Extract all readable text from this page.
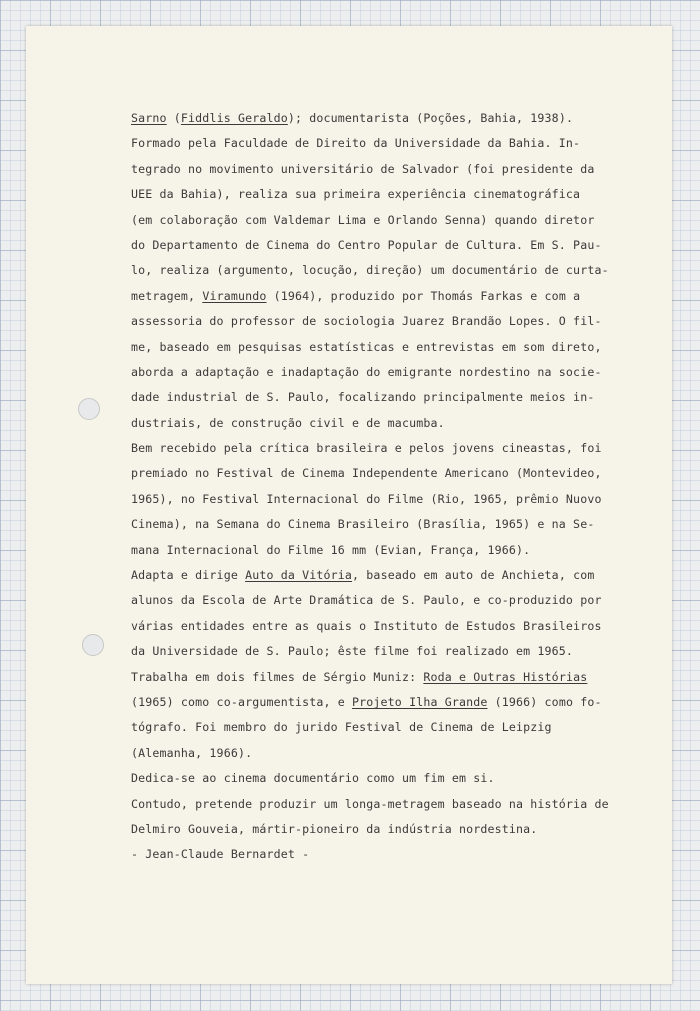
Sarno (Fiddlis Geraldo); documentarista (Poções, Bahia, 1938).
Formado pela Faculdade de Direito da Universidade da Bahia. In-
tegrado no movimento universitário de Salvador (foi presidente da
UEE da Bahia), realiza sua primeira experiência cinematográfica
(em colaboração com Valdemar Lima e Orlando Senna) quando diretor
do Departamento de Cinema do Centro Popular de Cultura. Em S. Pau-
lo, realiza (argumento, locução, direção) um documentário de curta-
metragem, Viramundo (1964), produzido por Thomás Farkas e com a
assessoria do professor de sociologia Juarez Brandão Lopes. O fil-
me, baseado em pesquisas estatísticas e entrevistas em som direto,
aborda a adaptação e inadaptação do emigrante nordestino na socie-
dade industrial de S. Paulo, focalizando principalmente meios in-
dustriais, de construção civil e de macumba.
Bem recebido pela crítica brasileira e pelos jovens cineastas, foi
premiado no Festival de Cinema Independente Americano (Montevideo,
1965), no Festival Internacional do Filme (Rio, 1965, prêmio Nuovo
Cinema), na Semana do Cinema Brasileiro (Brasília, 1965) e na Se-
mana Internacional do Filme 16 mm (Evian, França, 1966).
Adapta e dirige Auto da Vitória, baseado em auto de Anchieta, com
alunos da Escola de Arte Dramática de S. Paulo, e co-produzido por
várias entidades entre as quais o Instituto de Estudos Brasileiros
da Universidade de S. Paulo; êste filme foi realizado em 1965.
Trabalha em dois filmes de Sérgio Muniz: Roda e Outras Histórias
(1965) como co-argumentista, e Projeto Ilha Grande (1966) como fo-
tógrafo. Foi membro do jurido Festival de Cinema de Leipzig
(Alemanha, 1966).
Dedica-se ao cinema documentário como um fim em si.
Contudo, pretende produzir um longa-metragem baseado na história de
Delmiro Gouveia, mártir-pioneiro da indústria nordestina.
- Jean-Claude Bernardet -
